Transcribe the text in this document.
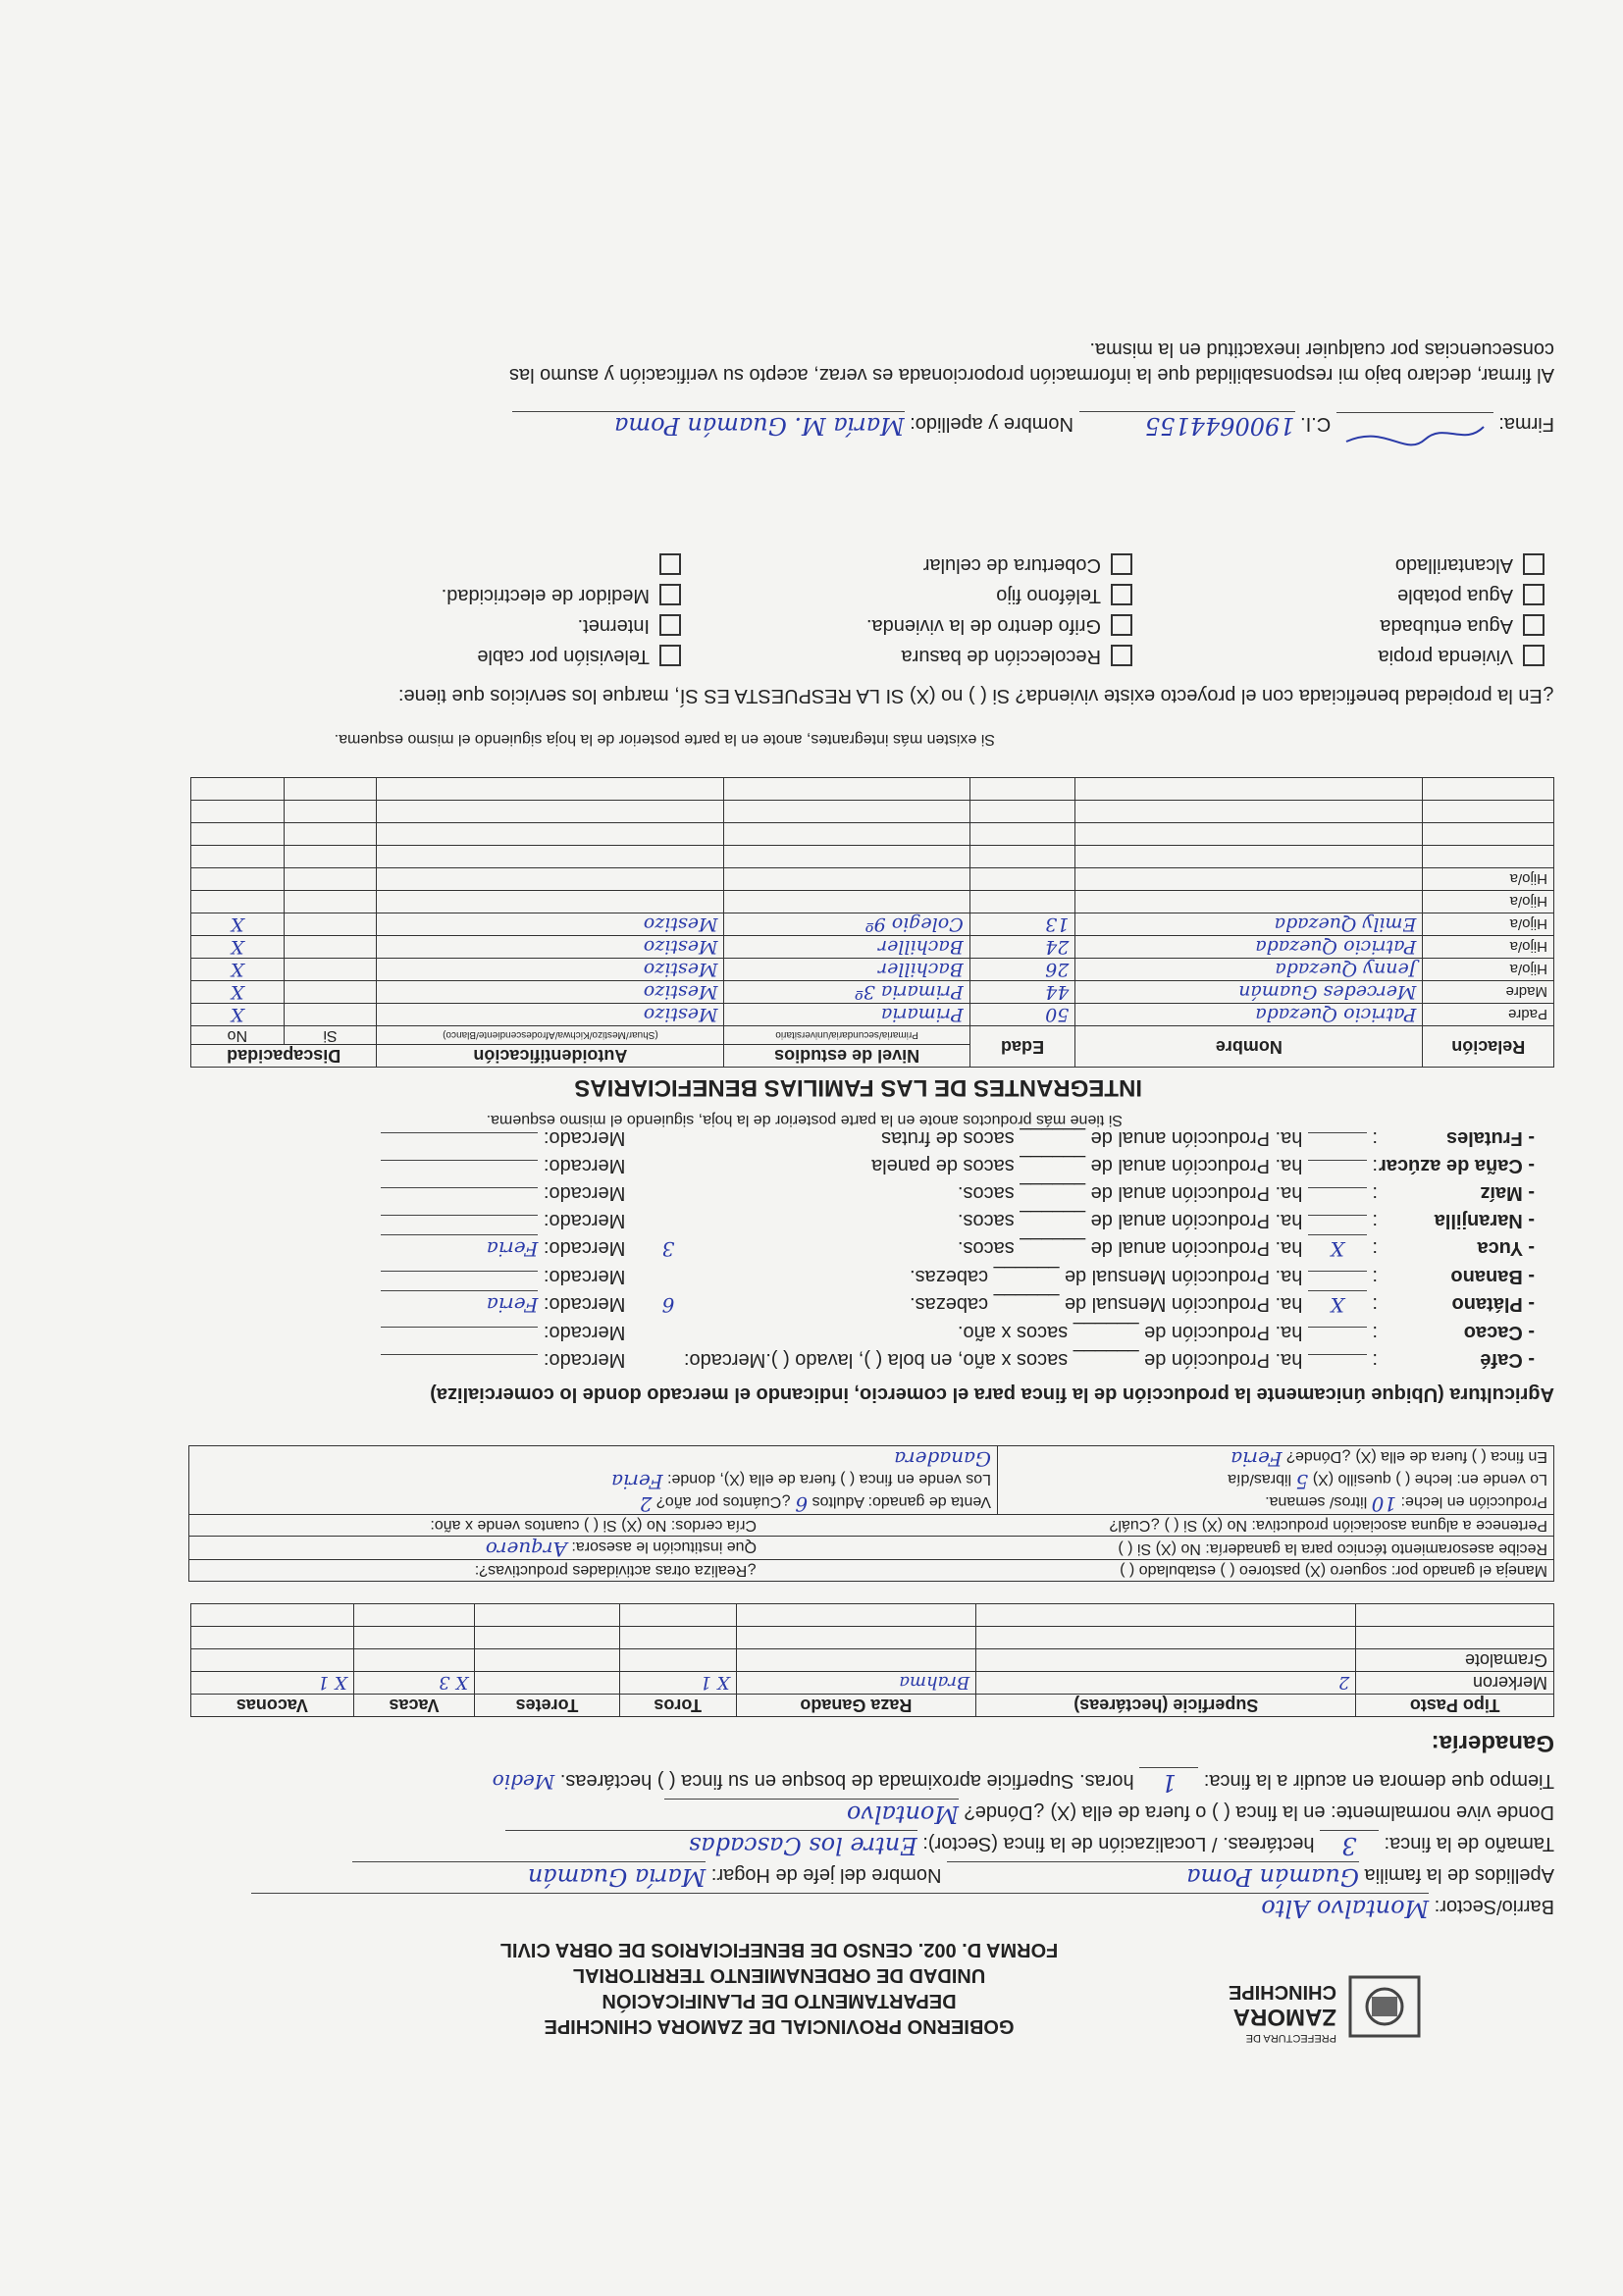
PREFECTURA DE
ZAMORA
CHINCHIPE
GOBIERNO PROVINCIAL DE ZAMORA CHINCHIPE
DEPARTAMENTO DE PLANIFICACIÓN
UNIDAD DE ORDENAMIENTO TERRITORIAL
FORMA D. 002. CENSO DE BENEFICIARIOS DE OBRA CIVIL
Barrio/Sector: Montalvo Alto
Apellidos de la familia Guamán Poma Nombre del jefe de Hogar: María Guamán
Tamaño de la finca: 3 hectáreas. / Localización de la finca (Sector): Entre los Cascadas
Donde vive normalmente: en la finca ( ) o fuera de ella (X) ¿Dónde? Montalvo
Tiempo que demora en acudir a la finca: 1 horas. Superficie aproximada de bosque en su finca ( ) hectáreas. Medio
Ganadería:
Tipo Pasto	Superficie (hectáreas)	Raza Ganado	Toros	Toretes	Vacas	Vaconas
Merkeron	2	Brahma	X 1		X 3	X 1
Gramalote						

Maneja el ganado por: soguero (X) pastoreo ( ) estabulado ( )
¿Realiza otras actividades productivas?:
Recibe asesoramiento técnico para la ganadería: No (X) Si ( )
Que institución le asesora: Arquero
Pertenece a alguna asociación productiva: No (X) Si ( ) ¿Cuál?
Cría cerdos: No (X) Si ( ) cuantos vende x año:
Producción en leche: 10 litros/ semana.
Lo vende en: leche ( ) quesillo (X) 5 libras/día
En finca ( ) fuera de ella (X) ¿Dónde? Feria
Venta de ganado: Adultos 6 ¿Cuántos por año? 2
Los vende en finca ( ) fuera de ella (X), donde: Feria
Ganadera
Agricultura (Ubique únicamente la producción de la finca para el comercio, indicando el mercado donde lo comercializa)
- Café:  ha. Producción de ______ sacos x año, en bola ( ), lavado ( ).Mercado:Mercado:
- Cacao:  ha. Producción de ______ sacos x año.Mercado:
- Plátano: X ha. Producción Mensual de ______ cabezas.6Mercado: Feria
- Banano:  ha. Producción Mensual de ______ cabezas.Mercado:
- Yuca: X ha. Producción anual de ______ sacos.3Mercado: Feria
- Naranjilla:  ha. Producción anual de ______ sacos.Mercado:
- Maíz:  ha. Producción anual de ______ sacos.Mercado:
- Caña de azúcar:  ha. Producción anual de ______ sacos de panelaMercado:
- Frutales:  ha. Producción anual de ______ sacos de frutasMercado:
Si tiene más productos anote en la parte posterior de la hoja, siguiendo el mismo esquema.
INTEGRANTES DE LAS FAMILIAS BENEFICIARIAS
Relación	Nombre	Edad	Nivel de estudios	Autoidentificación	Discapacidad	
			Primaria/secundaria/universitario	(Shuar/Mestizo/Kichwa/Afrodescendiente/Blanco)	Si	No
Padre	Patricio Quezada	50	Primaria	Mestizo		X
Madre	Mercedes Guamán	44	Primaria 3º	Mestizo		X
Hijo/a	Jenny Quezada	26	Bachiller	Mestizo		X
Hijo/a	Patricio Quezada	24	Bachiller	Mestizo		X
Hijo/a	Emily Quezada	13	Colegio 9º	Mestizo		X
Hijo/a						
Hijo/a						

Si existen más integrantes, anote en la parte posterior de la hoja siguiendo el mismo esquema.
¿En la propiedad beneficiada con el proyecto existe vivienda? Si ( ) no (X) SI LA RESPUESTA ES SÍ, marque los servicios que tiene:
Vivienda propia
Recolección de basura
Televisión por cable
Agua entubada
Grifo dentro de la vivienda.
Internet.
Agua potable
Teléfono fijo
Medidor de electricidad.
Alcantarillado
Cobertura de celular
Firma:  C.I. 1900644155 Nombre y apellido: María M. Guamán Poma
Al firmar, declaro bajo mi responsabilidad que la información proporcionada es veraz, acepto su verificación y asumo las consecuencias por cualquier inexactitud en la misma.
